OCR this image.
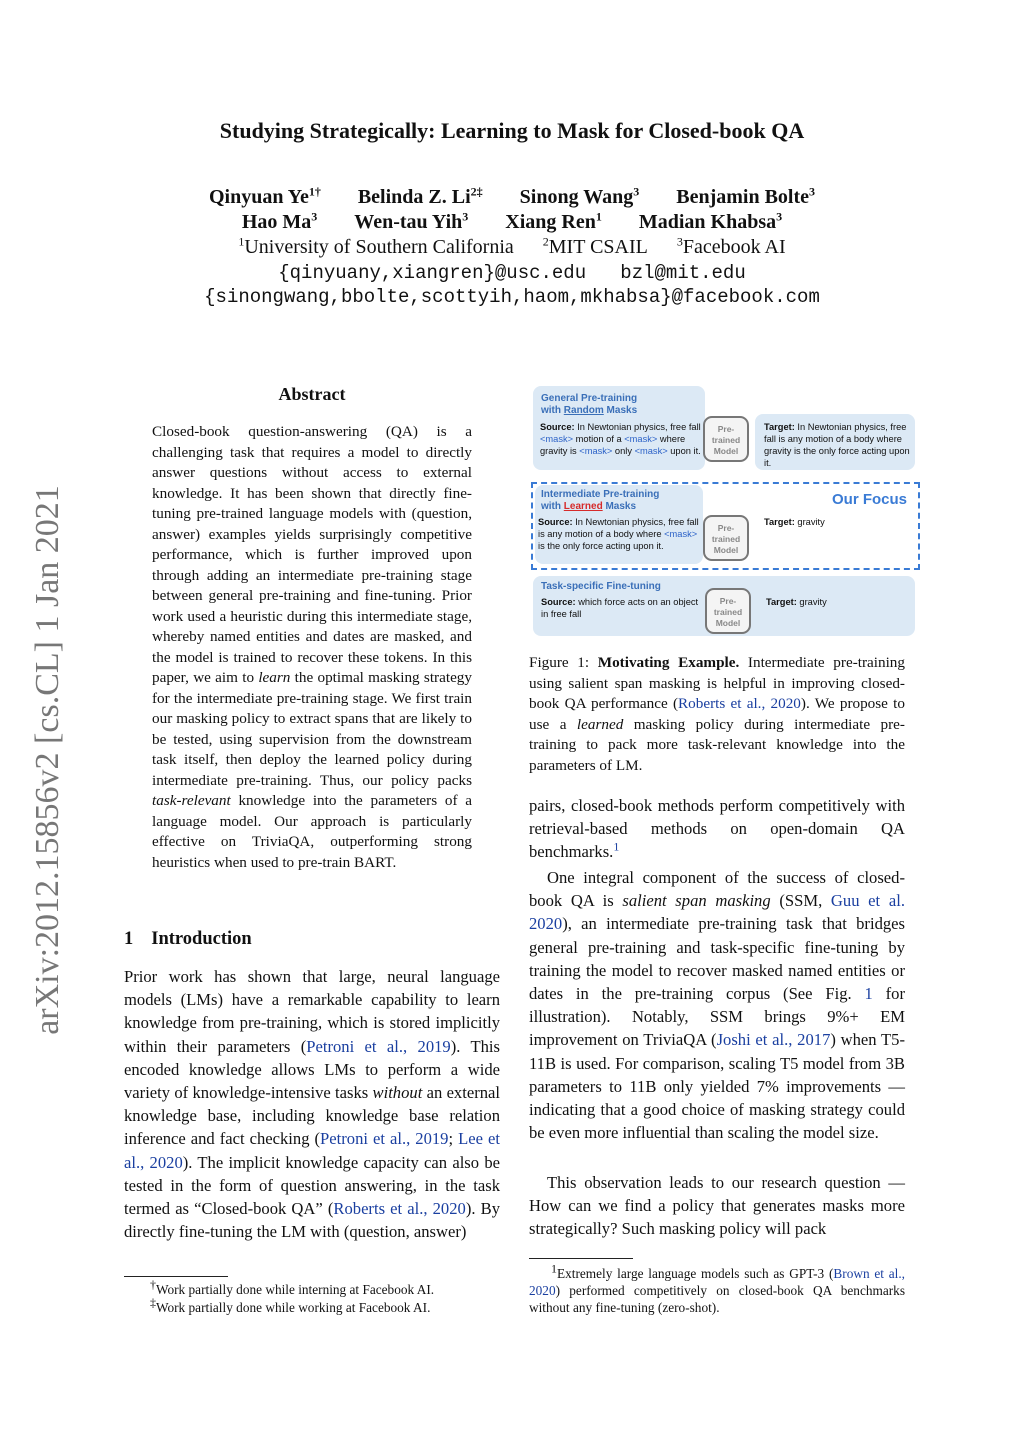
arXiv:2012.15856v2 [cs.CL] 1 Jan 2021
Studying Strategically: Learning to Mask for Closed-book QA
Qinyuan $Ye^{1\dagger}$ Belinda Z. $Li^{2\ddagger}$ Sinong Wang$^3$ Benjamin Bolte$^3$
Hao Ma$^3$ Wen-tau Yih$^3$ Xiang Ren$^1$ Madian Khabsa$^3$
$^1$University of Southern California $^2$MIT CSAIL $^3$Facebook AI
{qinyuany,xiangren}@usc.edu   bzl@mit.edu
{sinongwang,bbolte,scottyih,haom,mkhabsa}@facebook.com
Abstract
Closed-book question-answering (QA) is a challenging task that requires a model to directly answer questions without access to external knowledge. It has been shown that directly fine-tuning pre-trained language models with (question, answer) examples yields surprisingly competitive performance, which is further improved upon through adding an intermediate pre-training stage between general pre-training and fine-tuning. Prior work used a heuristic during this intermediate stage, whereby named entities and dates are masked, and the model is trained to recover these tokens. In this paper, we aim to learn the optimal masking strategy for the intermediate pre-training stage. We first train our masking policy to extract spans that are likely to be tested, using supervision from the downstream task itself, then deploy the learned policy during intermediate pre-training. Thus, our policy packs task-relevant knowledge into the parameters of a language model. Our approach is particularly effective on TriviaQA, outperforming strong heuristics when used to pre-train BART.
1 Introduction

Prior work has shown that large, neural language models (LMs) have a remarkable capability to learn knowledge from pre-training, which is stored implicitly within their parameters (Petroni et al., 2019). This encoded knowledge allows LMs to perform a wide variety of knowledge-intensive tasks without an external knowledge base, including knowledge base relation inference and fact checking (Petroni et al., 2019; Lee et al., 2020). The implicit knowledge capacity can also be tested in the form of question answering, in the task termed as “Closed-book QA” (Roberts et al., 2020). By directly fine-tuning the LM with (question, answer)

†Work partially done while interning at Facebook AI.
‡Work partially done while working at Facebook AI.
General Pre-training
with Random Masks
Source: In Newtonian physics, free fall <mask> motion of a <mask> where gravity is <mask> only <mask> upon it.
Pre-
trained
Model
Target: In Newtonian physics, free fall is any motion of a body where gravity is the only force acting upon it.
Intermediate Pre-training
with Learned Masks	Our Focus
Source: In Newtonian physics, free fall is any motion of a body where <mask> is the only force acting upon it.
Pre-
trained
Model
Target: gravity
Task-specific Fine-tuning
Source: which force acts on an object in free fall
Pre-
trained
Model
Target: gravity
Figure 1: Motivating Example. Intermediate pre-training using salient span masking is helpful in improving closed-book QA performance (Roberts et al., 2020). We propose to use a learned masking policy during intermediate pre-training to pack more task-relevant knowledge into the parameters of LM.

pairs, closed-book methods perform competitively with retrieval-based methods on open-domain QA benchmarks.$^1$

One integral component of the success of closed-book QA is salient span masking (SSM, Guu et al. 2020), an intermediate pre-training task that bridges general pre-training and task-specific fine-tuning by training the model to recover masked named entities or dates in the pre-training corpus (See Fig. 1 for illustration). Notably, SSM brings 9%+ EM improvement on TriviaQA (Joshi et al., 2017) when T5-11B is used. For comparison, scaling T5 model from 3B parameters to 11B only yielded 7% improvements — indicating that a good choice of masking strategy could be even more influential than scaling the model size.

This observation leads to our research question — How can we find a policy that generates masks more strategically? Such masking policy will pack

$^1$Extremely large language models such as GPT-3 (Brown et al., 2020) performed competitively on closed-book QA benchmarks without any fine-tuning (zero-shot).
